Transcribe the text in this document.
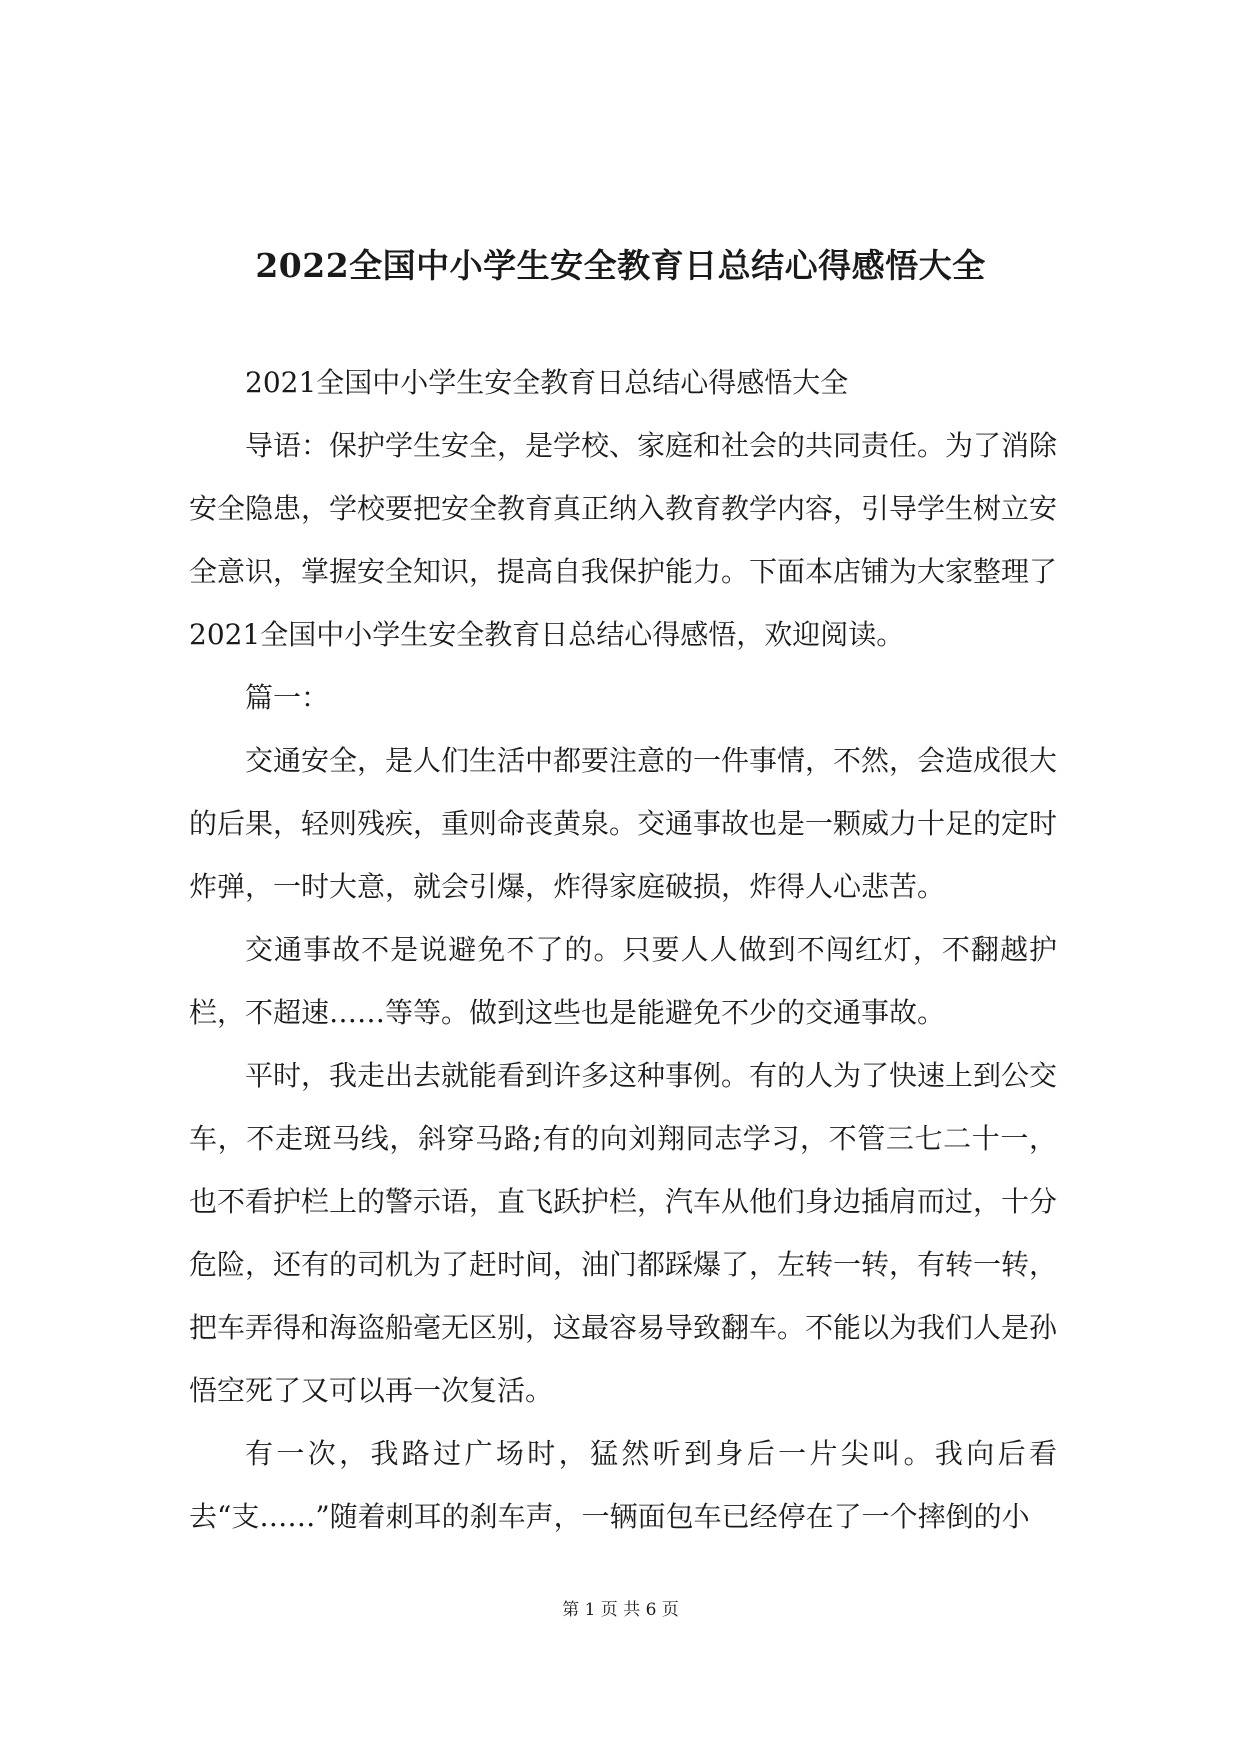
2022全国中小学生安全教育日总结心得感悟大全

2021全国中小学生安全教育日总结心得感悟大全

导语：保护学生安全，是学校、家庭和社会的共同责任。为了消除安全隐患，学校要把安全教育真正纳入教育教学内容，引导学生树立安全意识，掌握安全知识，提高自我保护能力。下面本店铺为大家整理了2021全国中小学生安全教育日总结心得感悟，欢迎阅读。

篇一：

交通安全，是人们生活中都要注意的一件事情，不然，会造成很大的后果，轻则残疾，重则命丧黄泉。交通事故也是一颗威力十足的定时炸弹，一时大意，就会引爆，炸得家庭破损，炸得人心悲苦。

交通事故不是说避免不了的。只要人人做到不闯红灯，不翻越护栏，不超速……等等。做到这些也是能避免不少的交通事故。

平时，我走出去就能看到许多这种事例。有的人为了快速上到公交车，不走斑马线，斜穿马路;有的向刘翔同志学习，不管三七二十一，也不看护栏上的警示语，直飞跃护栏，汽车从他们身边插肩而过，十分危险，还有的司机为了赶时间，油门都踩爆了，左转一转，有转一转，把车弄得和海盗船毫无区别，这最容易导致翻车。不能以为我们人是孙悟空死了又可以再一次复活。

有一次，我路过广场时，猛然听到身后一片尖叫。我向后看去“支……”随着刺耳的刹车声，一辆面包车已经停在了一个摔倒的小

第 1 页 共 6 页
